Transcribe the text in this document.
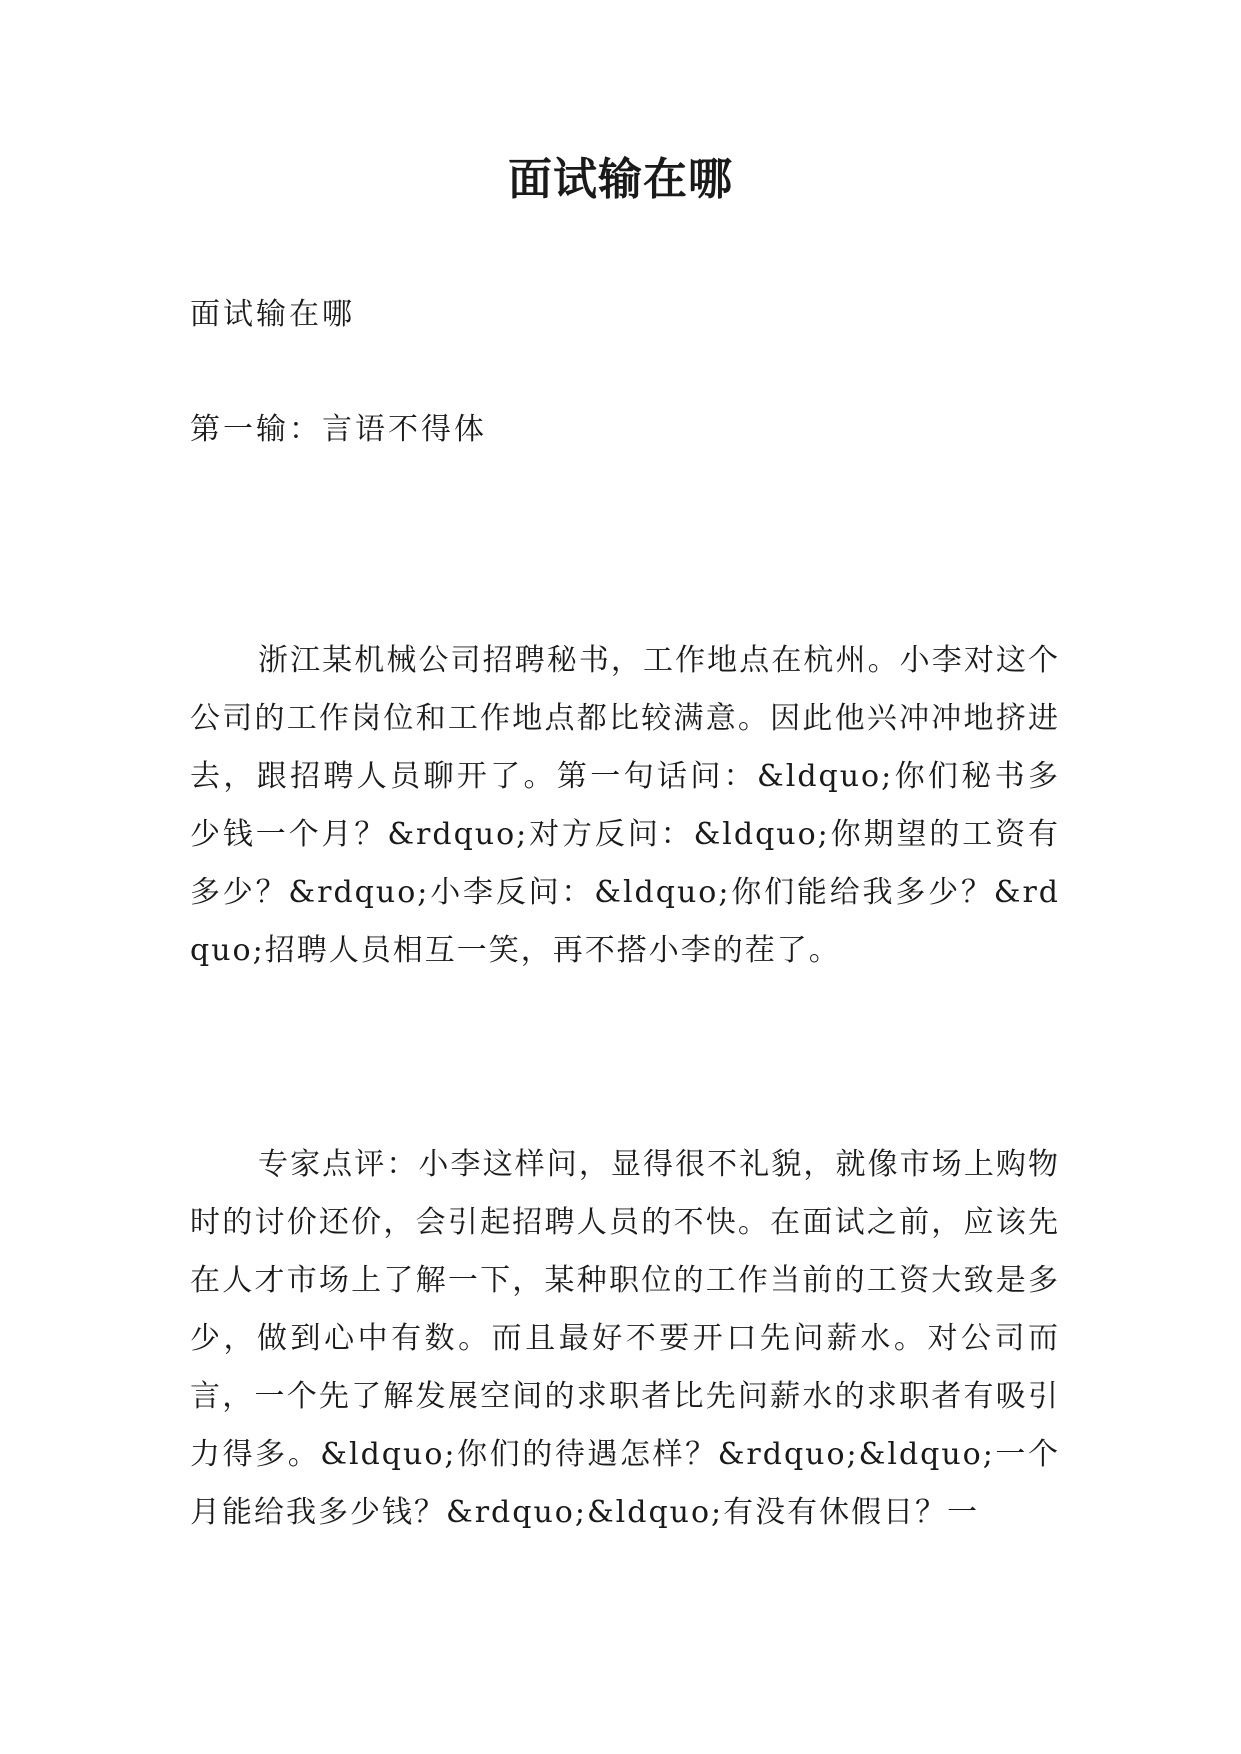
面试输在哪

面试输在哪

第一输：言语不得体

浙江某机械公司招聘秘书，工作地点在杭州。小李对这个公司的工作岗位和工作地点都比较满意。因此他兴冲冲地挤进去，跟招聘人员聊开了。第一句话问：&ldquo;你们秘书多少钱一个月？&rdquo;对方反问：&ldquo;你期望的工资有多少？&rdquo;小李反问：&ldquo;你们能给我多少？&rdquo;招聘人员相互一笑，再不搭小李的茬了。

专家点评：小李这样问，显得很不礼貌，就像市场上购物时的讨价还价，会引起招聘人员的不快。在面试之前，应该先在人才市场上了解一下，某种职位的工作当前的工资大致是多少，做到心中有数。而且最好不要开口先问薪水。对公司而言，一个先了解发展空间的求职者比先问薪水的求职者有吸引力得多。&ldquo;你们的待遇怎样？&rdquo;&ldquo;一个月能给我多少钱？&rdquo;&ldquo;有没有休假日？一
